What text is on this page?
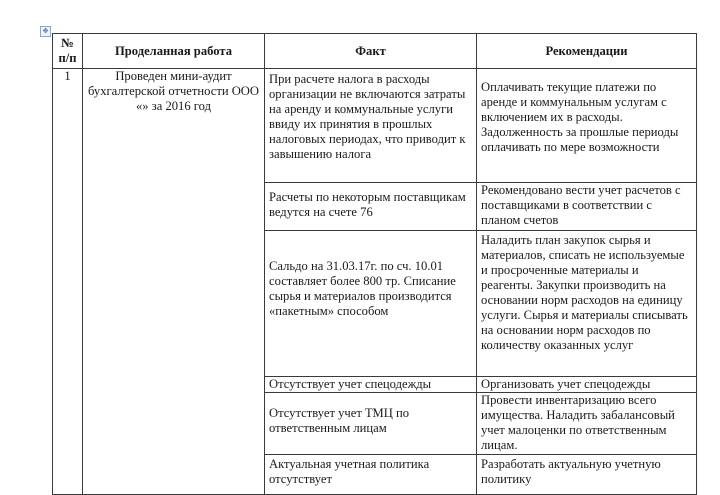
✥
№ п/п	Проделанная работа	Факт	Рекомендации
1	Проведен мини-аудит бухгалтерской отчетности ООО «» за 2016 год	При расчете налога в расходы организации не включаются затраты на аренду и коммунальные услуги ввиду их принятия в прошлых налоговых периодах, что приводит к завышению налога	Оплачивать текущие платежи по аренде и коммунальным услугам с включением их в расходы. Задолженность за прошлые периоды оплачивать по мере возможности
		Расчеты по некоторым поставщикам ведутся на счете 76	Рекомендовано вести учет расчетов с поставщиками в соответствии с планом счетов
		Сальдо на 31.03.17г. по сч. 10.01 составляет более 800 тр. Списание сырья и материалов производится «пакетным» способом	Наладить план закупок сырья и материалов, списать не используемые и просроченные материалы и реагенты. Закупки производить на основании норм расходов на единицу услуги. Сырья и материалы списывать на основании норм расходов по количеству оказанных услуг
		Отсутствует учет спецодежды	Организовать учет спецодежды
		Отсутствует учет ТМЦ по ответственным лицам	Провести инвентаризацию всего имущества. Наладить забалансовый учет малоценки по ответственным лицам.
		Актуальная учетная политика отсутствует	Разработать актуальную учетную политику
